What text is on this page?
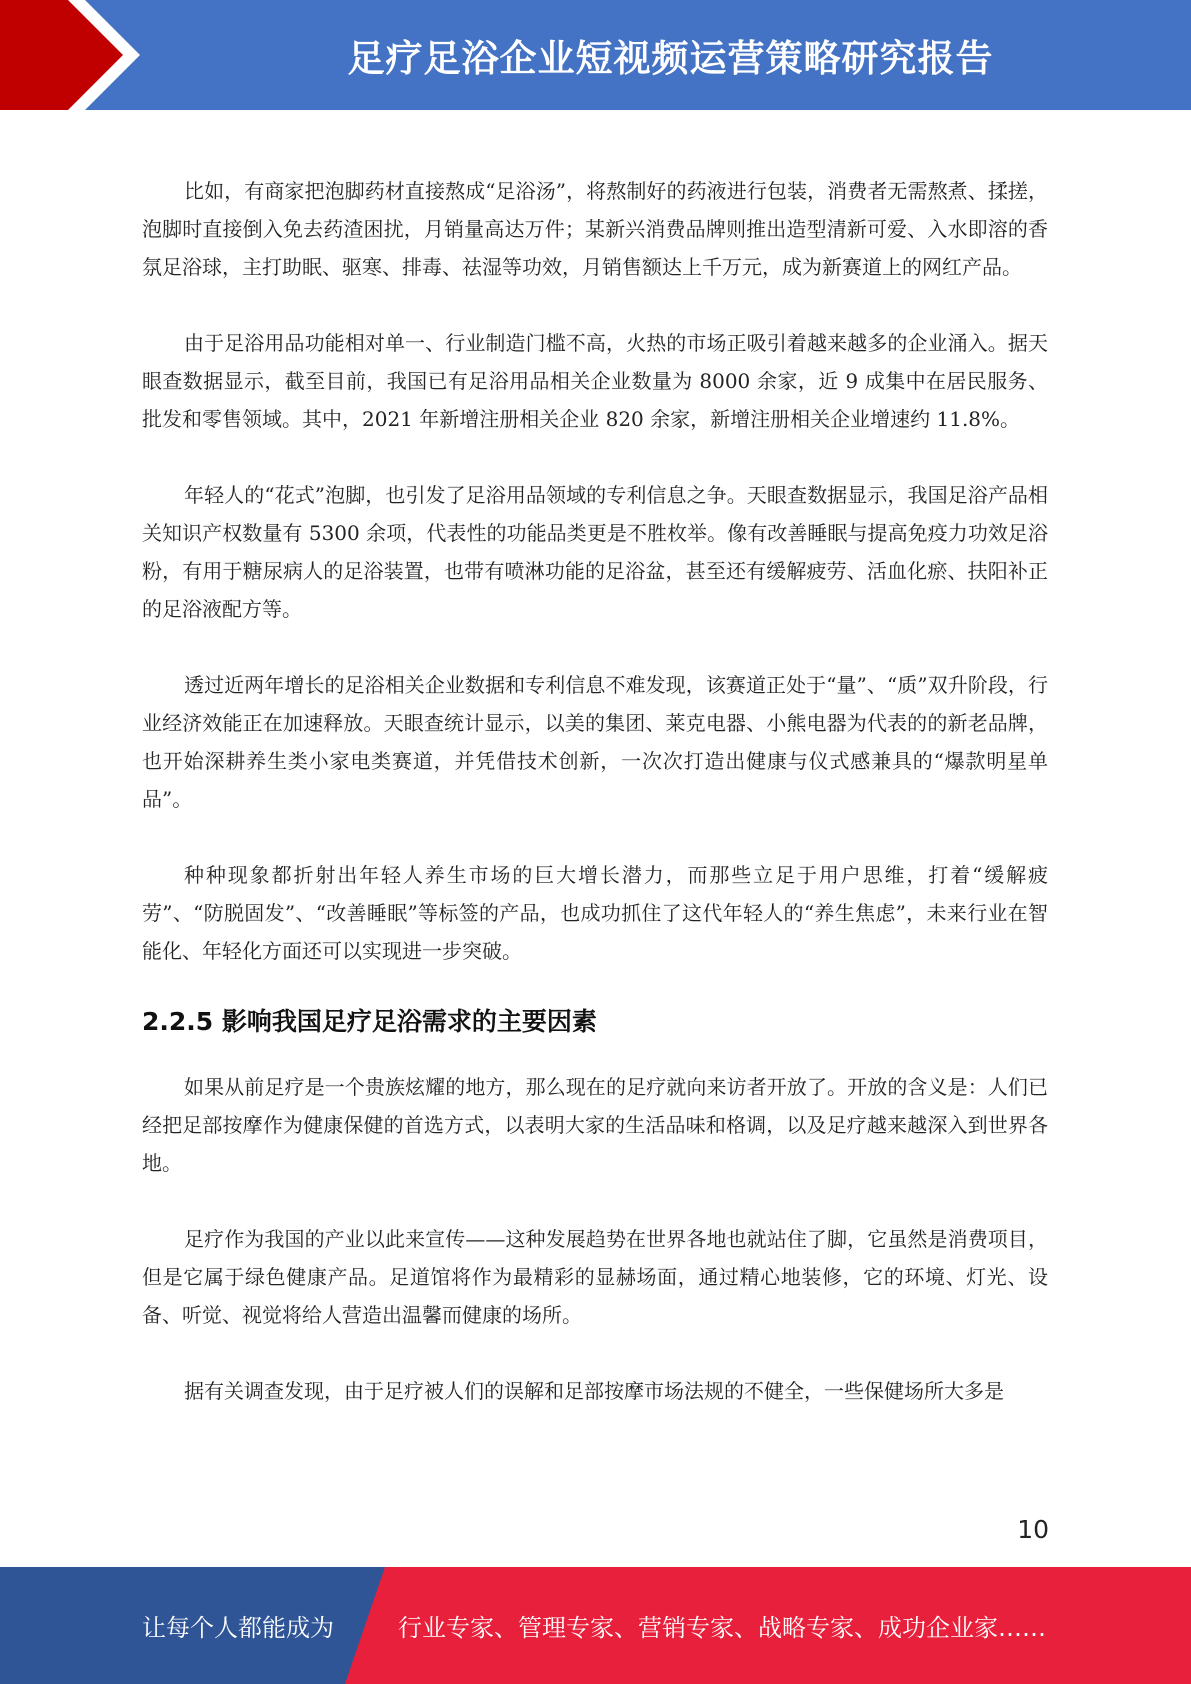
足疗足浴企业短视频运营策略研究报告

比如，有商家把泡脚药材直接熬成“足浴汤”，将熬制好的药液进行包装，消费者无需熬煮、揉搓，泡脚时直接倒入免去药渣困扰，月销量高达万件；某新兴消费品牌则推出造型清新可爱、入水即溶的香氛足浴球，主打助眠、驱寒、排毒、祛湿等功效，月销售额达上千万元，成为新赛道上的网红产品。

由于足浴用品功能相对单一、行业制造门槛不高，火热的市场正吸引着越来越多的企业涌入。据天眼查数据显示，截至目前，我国已有足浴用品相关企业数量为 8000 余家，近 9 成集中在居民服务、批发和零售领域。其中，2021 年新增注册相关企业 820 余家，新增注册相关企业增速约 11.8%。

年轻人的“花式”泡脚，也引发了足浴用品领域的专利信息之争。天眼查数据显示，我国足浴产品相关知识产权数量有 5300 余项，代表性的功能品类更是不胜枚举。像有改善睡眠与提高免疫力功效足浴粉，有用于糖尿病人的足浴装置，也带有喷淋功能的足浴盆，甚至还有缓解疲劳、活血化瘀、扶阳补正的足浴液配方等。

透过近两年增长的足浴相关企业数据和专利信息不难发现，该赛道正处于“量”、“质”双升阶段，行业经济效能正在加速释放。天眼查统计显示，以美的集团、莱克电器、小熊电器为代表的的新老品牌，也开始深耕养生类小家电类赛道，并凭借技术创新，一次次打造出健康与仪式感兼具的“爆款明星单品”。

种种现象都折射出年轻人养生市场的巨大增长潜力，而那些立足于用户思维，打着“缓解疲劳”、“防脱固发”、“改善睡眠”等标签的产品，也成功抓住了这代年轻人的“养生焦虑”，未来行业在智能化、年轻化方面还可以实现进一步突破。

2.2.5 影响我国足疗足浴需求的主要因素

如果从前足疗是一个贵族炫耀的地方，那么现在的足疗就向来访者开放了。开放的含义是：人们已经把足部按摩作为健康保健的首选方式，以表明大家的生活品味和格调，以及足疗越来越深入到世界各地。

足疗作为我国的产业以此来宣传——这种发展趋势在世界各地也就站住了脚，它虽然是消费项目，但是它属于绿色健康产品。足道馆将作为最精彩的显赫场面，通过精心地装修，它的环境、灯光、设备、听觉、视觉将给人营造出温馨而健康的场所。

据有关调查发现，由于足疗被人们的误解和足部按摩市场法规的不健全，一些保健场所大多是

10
让每个人都能成为	行业专家、管理专家、营销专家、战略专家、成功企业家……
